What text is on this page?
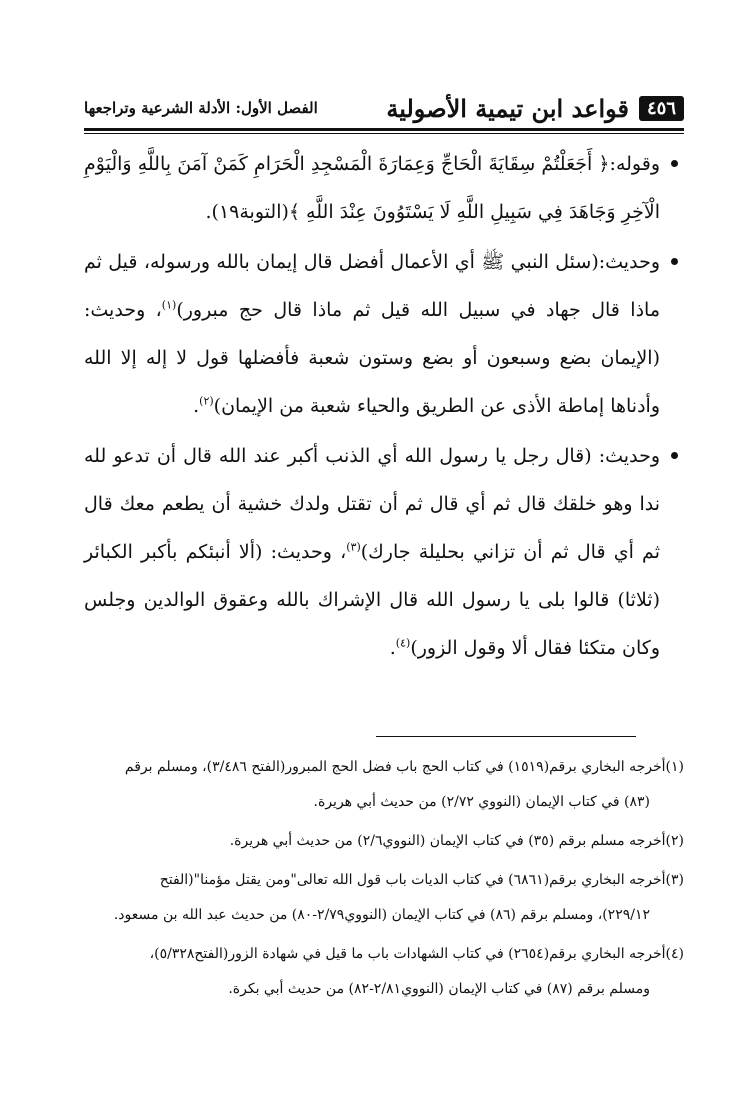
٤٥٦
قواعد ابن تيمية الأصولية
الفصل الأول: الأدلة الشرعية وتراجعها
وقوله:﴿ أَجَعَلْتُمْ سِقَايَةَ الْحَاجِّ وَعِمَارَةَ الْمَسْجِدِ الْحَرَامِ كَمَنْ آمَنَ بِاللَّهِ وَالْيَوْمِ الْآخِرِ وَجَاهَدَ فِي سَبِيلِ اللَّهِ لَا يَسْتَوُونَ عِنْدَ اللَّهِ ﴾(التوبة١٩).
وحديث:(سئل النبي ﷺ أي الأعمال أفضل قال إيمان بالله ورسوله، قيل ثم ماذا قال جهاد في سبيل الله قيل ثم ماذا قال حج مبرور)$^{(١)}$، وحديث: (الإيمان بضع وسبعون أو بضع وستون شعبة فأفضلها قول لا إله إلا الله وأدناها إماطة الأذى عن الطريق والحياء شعبة من الإيمان)$^{(٢)}$.
وحديث: (قال رجل يا رسول الله أي الذنب أكبر عند الله قال أن تدعو لله ندا وهو خلقك قال ثم أي قال ثم أن تقتل ولدك خشية أن يطعم معك قال ثم أي قال ثم أن تزاني بحليلة جارك)$^{(٣)}$، وحديث: (ألا أنبئكم بأكبر الكبائر (ثلاثا) قالوا بلى يا رسول الله قال الإشراك بالله وعقوق الوالدين وجلس وكان متكئا فقال ألا وقول الزور)$^{(٤)}$.
(١)أخرجه البخاري برقم(١٥١٩) في كتاب الحج باب فضل الحج المبرور(الفتح ٣/٤٨٦)، ومسلم برقم
(٨٣) في كتاب الإيمان (النووي ٢/٧٢) من حديث أبي هريرة.
(٢)أخرجه مسلم برقم (٣٥) في كتاب الإيمان (النووي٢/٦) من حديث أبي هريرة.
(٣)أخرجه البخاري برقم(٦٨٦١) في كتاب الديات باب قول الله تعالى"ومن يقتل مؤمنا"(الفتح
٢٢٩/١٢)، ومسلم برقم (٨٦) في كتاب الإيمان (النووي٢/٧٩-٨٠) من حديث عبد الله بن مسعود.
(٤)أخرجه البخاري برقم(٢٦٥٤) في كتاب الشهادات باب ما قيل في شهادة الزور(الفتح٥/٣٢٨)،
ومسلم برقم (٨٧) في كتاب الإيمان (النووي٢/٨١-٨٢) من حديث أبي بكرة.
